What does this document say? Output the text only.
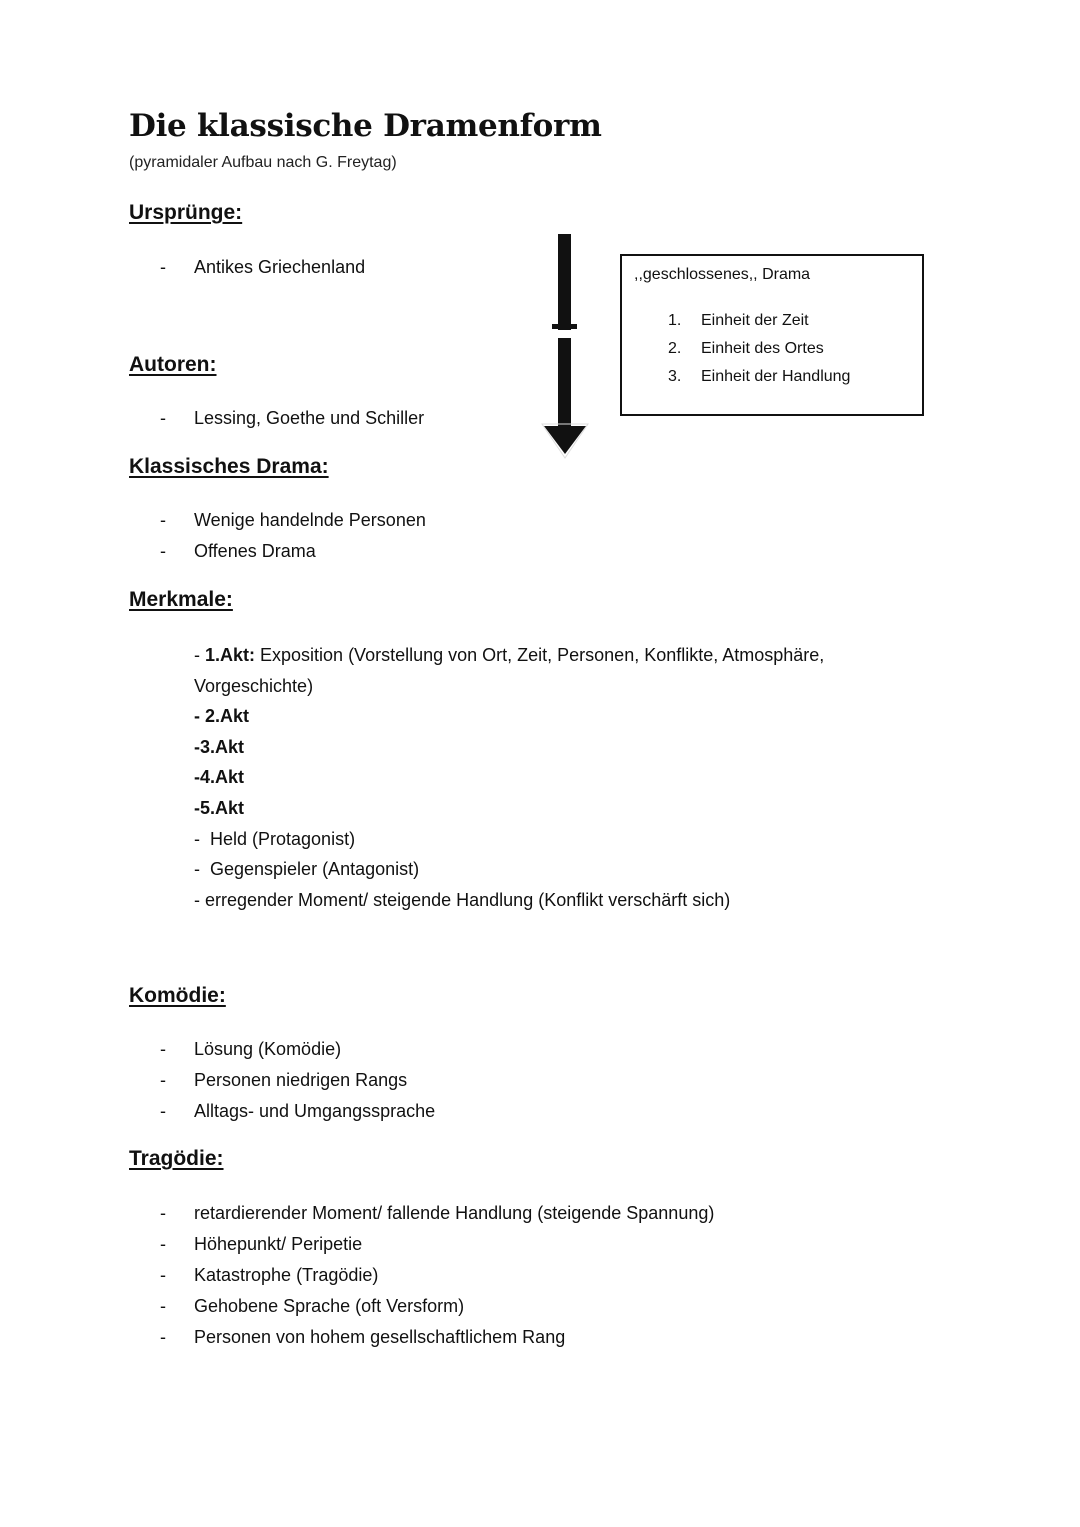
Die klassische Dramenform
(pyramidaler Aufbau nach G. Freytag)
Ursprünge:
- Antikes Griechenland
Autoren:
- Lessing, Goethe und Schiller
Klassisches Drama:
- Wenige handelnde Personen
- Offenes Drama
Merkmale:
- 1.Akt: Exposition (Vorstellung von Ort, Zeit, Personen, Konflikte, Atmosphäre, Vorgeschichte)
- 2.Akt
-3.Akt
-4.Akt
-5.Akt
-  Held (Protagonist)
-  Gegenspieler (Antagonist)
- erregender Moment/ steigende Handlung (Konflikt verschärft sich)
Komödie:
- Lösung (Komödie)
- Personen niedrigen Rangs
- Alltags- und Umgangssprache
Tragödie:
- retardierender Moment/ fallende Handlung (steigende Spannung)
- Höhepunkt/ Peripetie
- Katastrophe (Tragödie)
- Gehobene Sprache (oft Versform)
- Personen von hohem gesellschaftlichem Rang
,,geschlossenes,, Drama
1. Einheit der Zeit
2. Einheit des Ortes
3. Einheit der Handlung
